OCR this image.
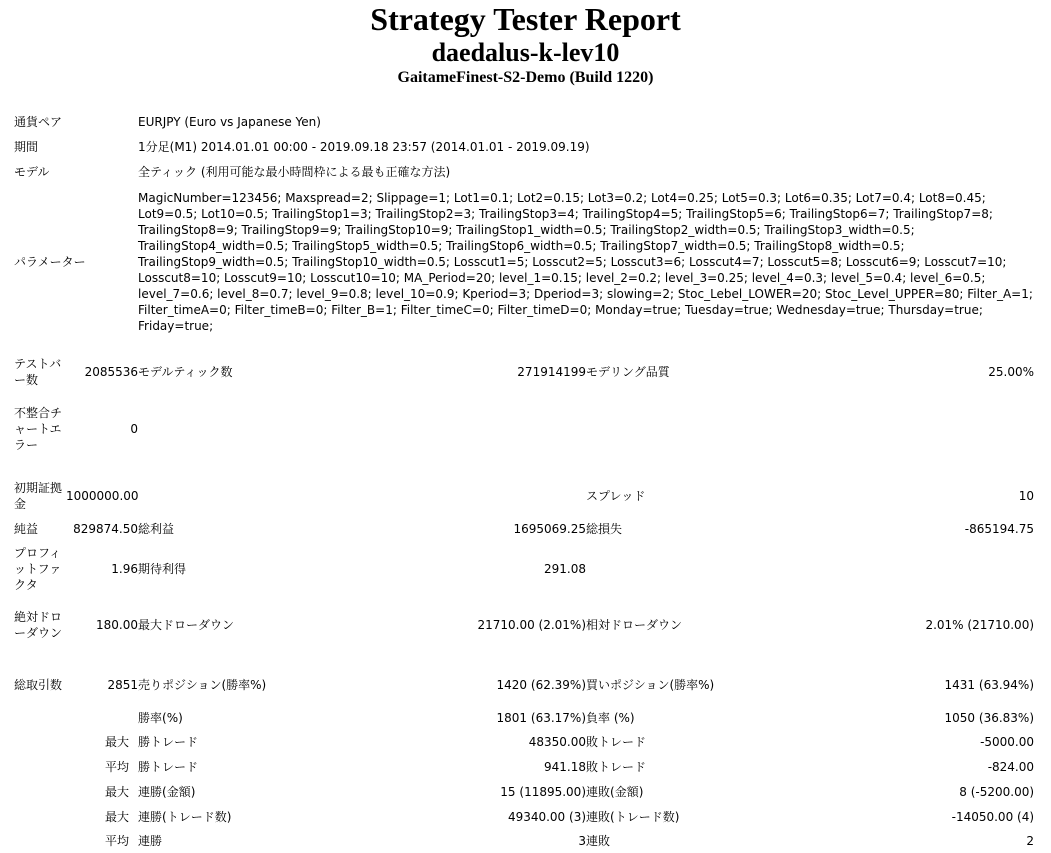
Strategy Tester Report
daedalus-k-lev10
GaitameFinest-S2-Demo (Build 1220)
通貨ペア		EURJPY (Euro vs Japanese Yen)			
期間		1分足(M1) 2014.01.01 00:00 - 2019.09.18 23:57 (2014.01.01 - 2019.09.19)			
モデル		全ティック (利用可能な最小時間枠による最も正確な方法)			
パラメーター		MagicNumber=123456; Maxspread=2; Slippage=1; Lot1=0.1; Lot2=0.15; Lot3=0.2; Lot4=0.25; Lot5=0.3; Lot6=0.35; Lot7=0.4; Lot8=0.45; Lot9=0.5; Lot10=0.5; TrailingStop1=3; TrailingStop2=3; TrailingStop3=4; TrailingStop4=5; TrailingStop5=6; TrailingStop6=7; TrailingStop7=8; TrailingStop8=9; TrailingStop9=9; TrailingStop10=9; TrailingStop1_width=0.5; TrailingStop2_width=0.5; TrailingStop3_width=0.5; TrailingStop4_width=0.5; TrailingStop5_width=0.5; TrailingStop6_width=0.5; TrailingStop7_width=0.5; TrailingStop8_width=0.5; TrailingStop9_width=0.5; TrailingStop10_width=0.5; Losscut1=5; Losscut2=5; Losscut3=6; Losscut4=7; Losscut5=8; Losscut6=9; Losscut7=10; Losscut8=10; Losscut9=10; Losscut10=10; MA_Period=20; level_1=0.15; level_2=0.2; level_3=0.25; level_4=0.3; level_5=0.4; level_6=0.5; level_7=0.6; level_8=0.7; level_9=0.8; level_10=0.9; Kperiod=3; Dperiod=3; slowing=2; Stoc_Lebel_LOWER=20; Stoc_Level_UPPER=80; Filter_A=1; Filter_timeA=0; Filter_timeB=0; Filter_B=1; Filter_timeC=0; Filter_timeD=0; Monday=true; Tuesday=true; Wednesday=true; Thursday=true; Friday=true;			

テストバー数	2085536	モデルティック数	271914199	モデリング品質	25.00%
不整合チャートエラー	0				

初期証拠金	1000000.00			スプレッド	10
純益	829874.50	総利益	1695069.25	総損失	-865194.75
プロフィットファクタ	1.96	期待利得	291.08		
絶対ドローダウン	180.00	最大ドローダウン	21710.00 (2.01%)	相対ドローダウン	2.01% (21710.00)

総取引数	2851	売りポジション(勝率%)	1420 (62.39%)	買いポジション(勝率%)	1431 (63.94%)
		勝率(%)	1801 (63.17%)	負率 (%)	1050 (36.83%)
最大		勝トレード	48350.00	敗トレード	-5000.00
平均		勝トレード	941.18	敗トレード	-824.00
最大		連勝(金額)	15 (11895.00)	連敗(金額)	8 (-5200.00)
最大		連勝(トレード数)	49340.00 (3)	連敗(トレード数)	-14050.00 (4)
平均		連勝	3	連敗	2
